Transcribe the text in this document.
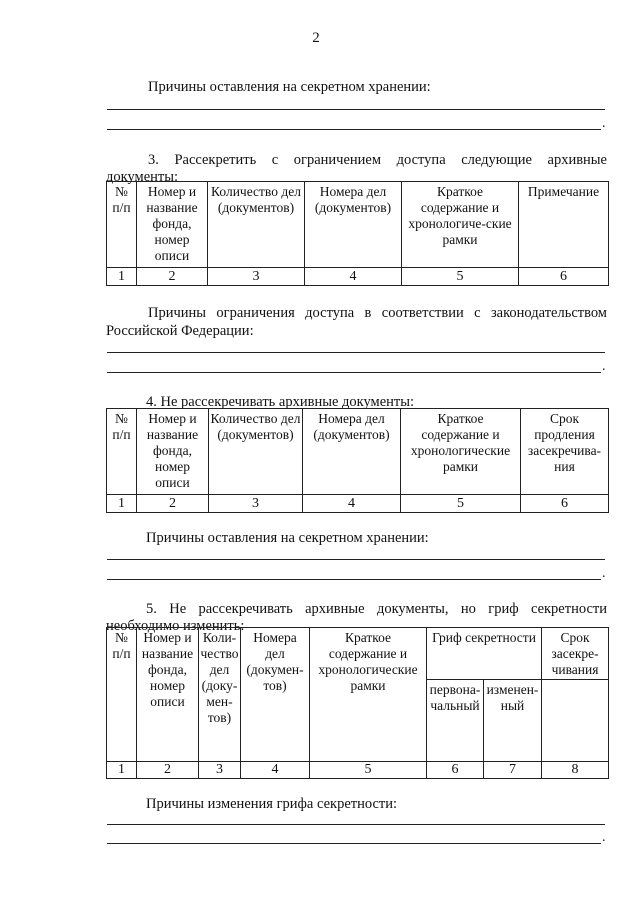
2
Причины оставления на секретном хранении:
.
3. Рассекретить с ограничением доступа следующие архивные
документы:
№ п/п	Номер и название фонда, номер описи	Количество дел (документов)	Номера дел (документов)	Краткое содержание и хронологиче-ские рамки	Примечание
1	2	3	4	5	6
Причины ограничения доступа в соответствии с законодательством
Российской Федерации:
.
4. Не рассекречивать архивные документы:
№ п/п	Номер и название фонда, номер описи	Количество дел (документов)	Номера дел (документов)	Краткое содержание и хронологические рамки	Срок продления засекречива-ния
1	2	3	4	5	6
Причины оставления на секретном хранении:
.
5. Не рассекречивать архивные документы, но гриф секретности
необходимо изменить:
№ п/п	Номер и название фонда, номер описи	Коли-чество дел (доку-мен-тов)	Номера дел (докумен-тов)	Краткое содержание и хронологические рамки	Гриф секретности		Срок засекре-чивания
					первона-чальный	изменен-ный	
1	2	3	4	5	6	7	8
Причины изменения грифа секретности:
.
